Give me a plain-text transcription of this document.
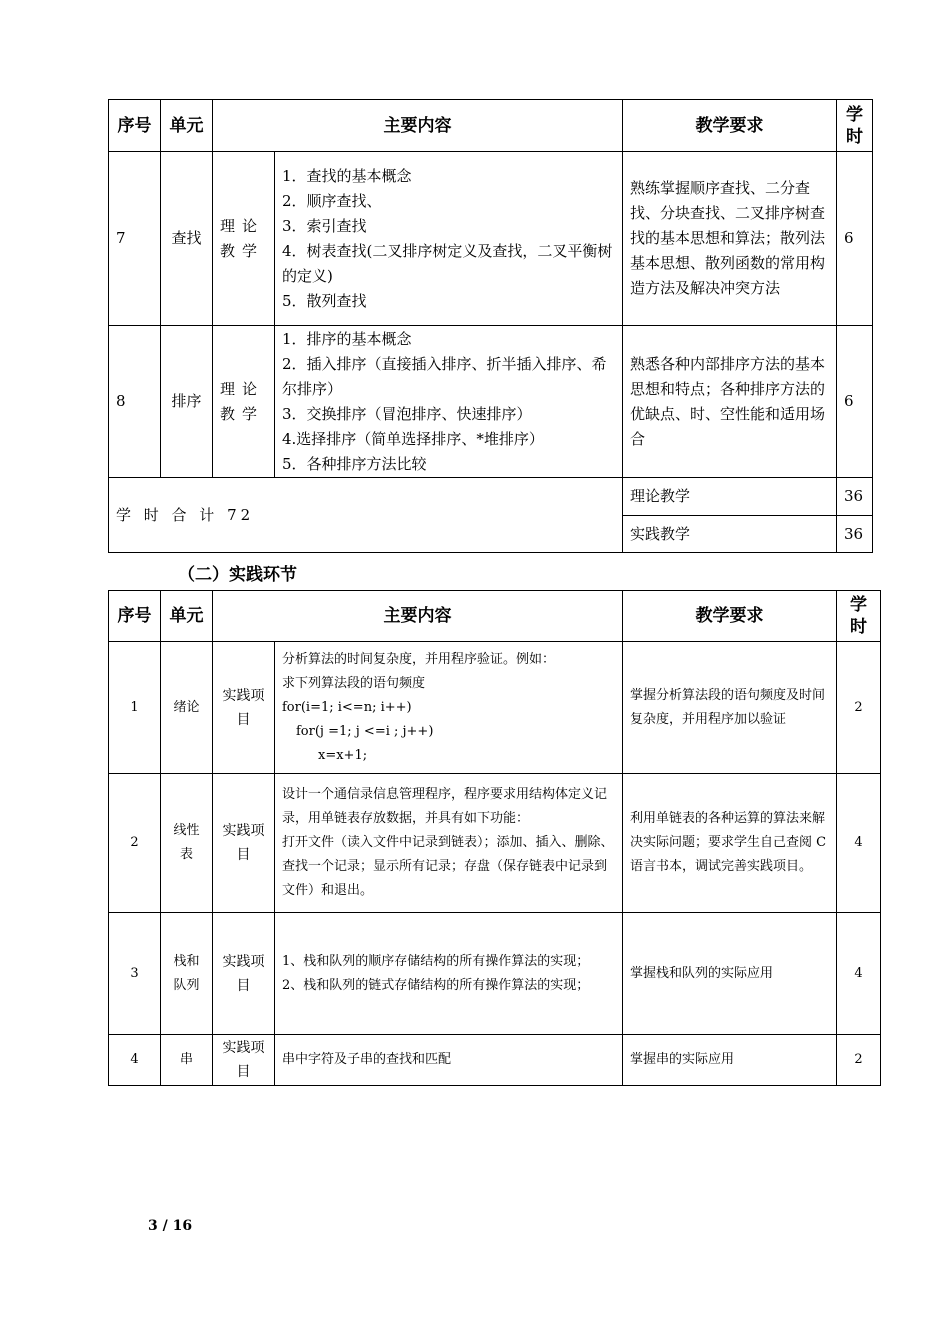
序号	单元	主要内容		教学要求	学时
7	查找	理论教学	1．查找的基本概念
2．顺序查找、
3．索引查找
4．树表查找(二叉排序树定义及查找，二叉平衡树的定义)
5．散列查找	熟练掌握顺序查找、二分查找、分块查找、二叉排序树查找的基本思想和算法；散列法基本思想、散列函数的常用构造方法及解决冲突方法	6
8	排序	理论教学	1．排序的基本概念
2．插入排序（直接插入排序、折半插入排序、希尔排序）
3．交换排序（冒泡排序、快速排序）
4.选择排序（简单选择排序、*堆排序）
5．各种排序方法比较	熟悉各种内部排序方法的基本思想和特点；各种排序方法的优缺点、时、空性能和适用场合	6
学 时 合 计 72				理论教学	36
				实践教学	36
（二）实践环节
序号	单元	主要内容		教学要求	学时
1	绪论	实践项目	分析算法的时间复杂度，并用程序验证。例如：
求下列算法段的语句频度
for(i=1; i<=n; i++)
for(j =1; j <=i ; j++)
x=x+1;	掌握分析算法段的语句频度及时间复杂度，并用程序加以验证	2
2	线性表	实践项目	设计一个通信录信息管理程序，程序要求用结构体定义记录，用单链表存放数据，并具有如下功能：
打开文件（读入文件中记录到链表）；添加、插入、删除、查找一个记录；显示所有记录；存盘（保存链表中记录到文件）和退出。	利用单链表的各种运算的算法来解决实际问题；要求学生自己查阅 C 语言书本，调试完善实践项目。	4
3	栈和队列	实践项目	1、栈和队列的顺序存储结构的所有操作算法的实现；
2、栈和队列的链式存储结构的所有操作算法的实现；	掌握栈和队列的实际应用	4
4	串	实践项目	串中字符及子串的查找和匹配	掌握串的实际应用	2
3 / 16
